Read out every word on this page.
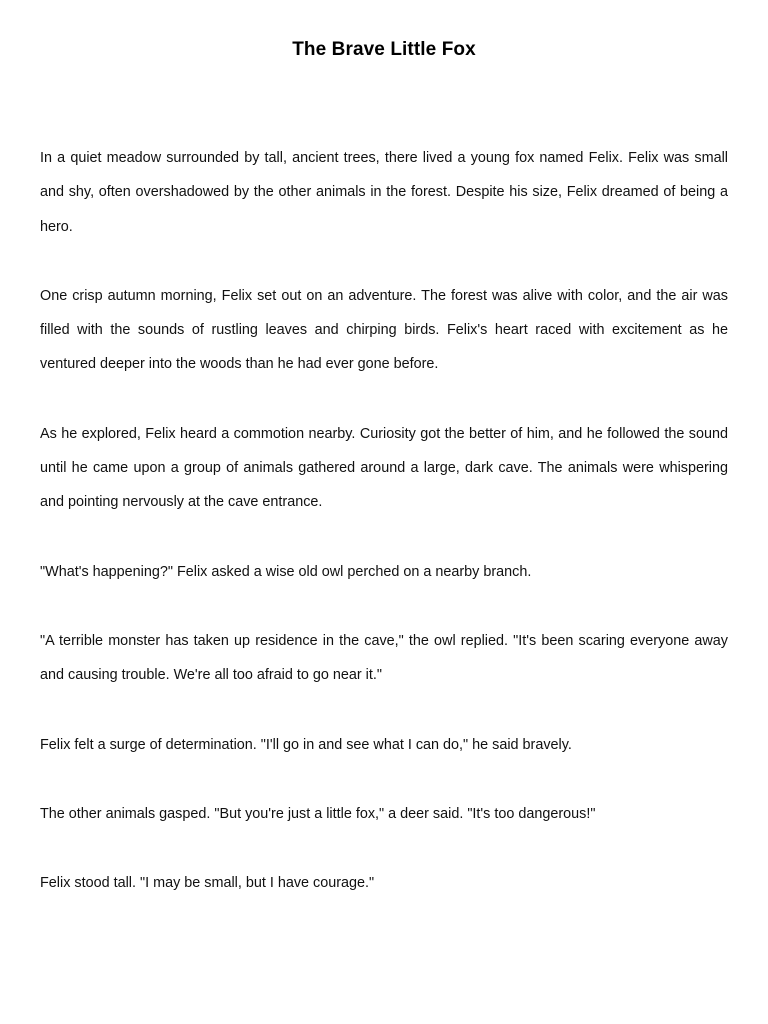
The Brave Little Fox

In a quiet meadow surrounded by tall, ancient trees, there lived a young fox named Felix. Felix was small and shy, often overshadowed by the other animals in the forest. Despite his size, Felix dreamed of being a hero.

One crisp autumn morning, Felix set out on an adventure. The forest was alive with color, and the air was filled with the sounds of rustling leaves and chirping birds. Felix's heart raced with excitement as he ventured deeper into the woods than he had ever gone before.

As he explored, Felix heard a commotion nearby. Curiosity got the better of him, and he followed the sound until he came upon a group of animals gathered around a large, dark cave. The animals were whispering and pointing nervously at the cave entrance.

"What's happening?" Felix asked a wise old owl perched on a nearby branch.

"A terrible monster has taken up residence in the cave," the owl replied. "It's been scaring everyone away and causing trouble. We're all too afraid to go near it."

Felix felt a surge of determination. "I'll go in and see what I can do," he said bravely.

The other animals gasped. "But you're just a little fox," a deer said. "It's too dangerous!"

Felix stood tall. "I may be small, but I have courage."
